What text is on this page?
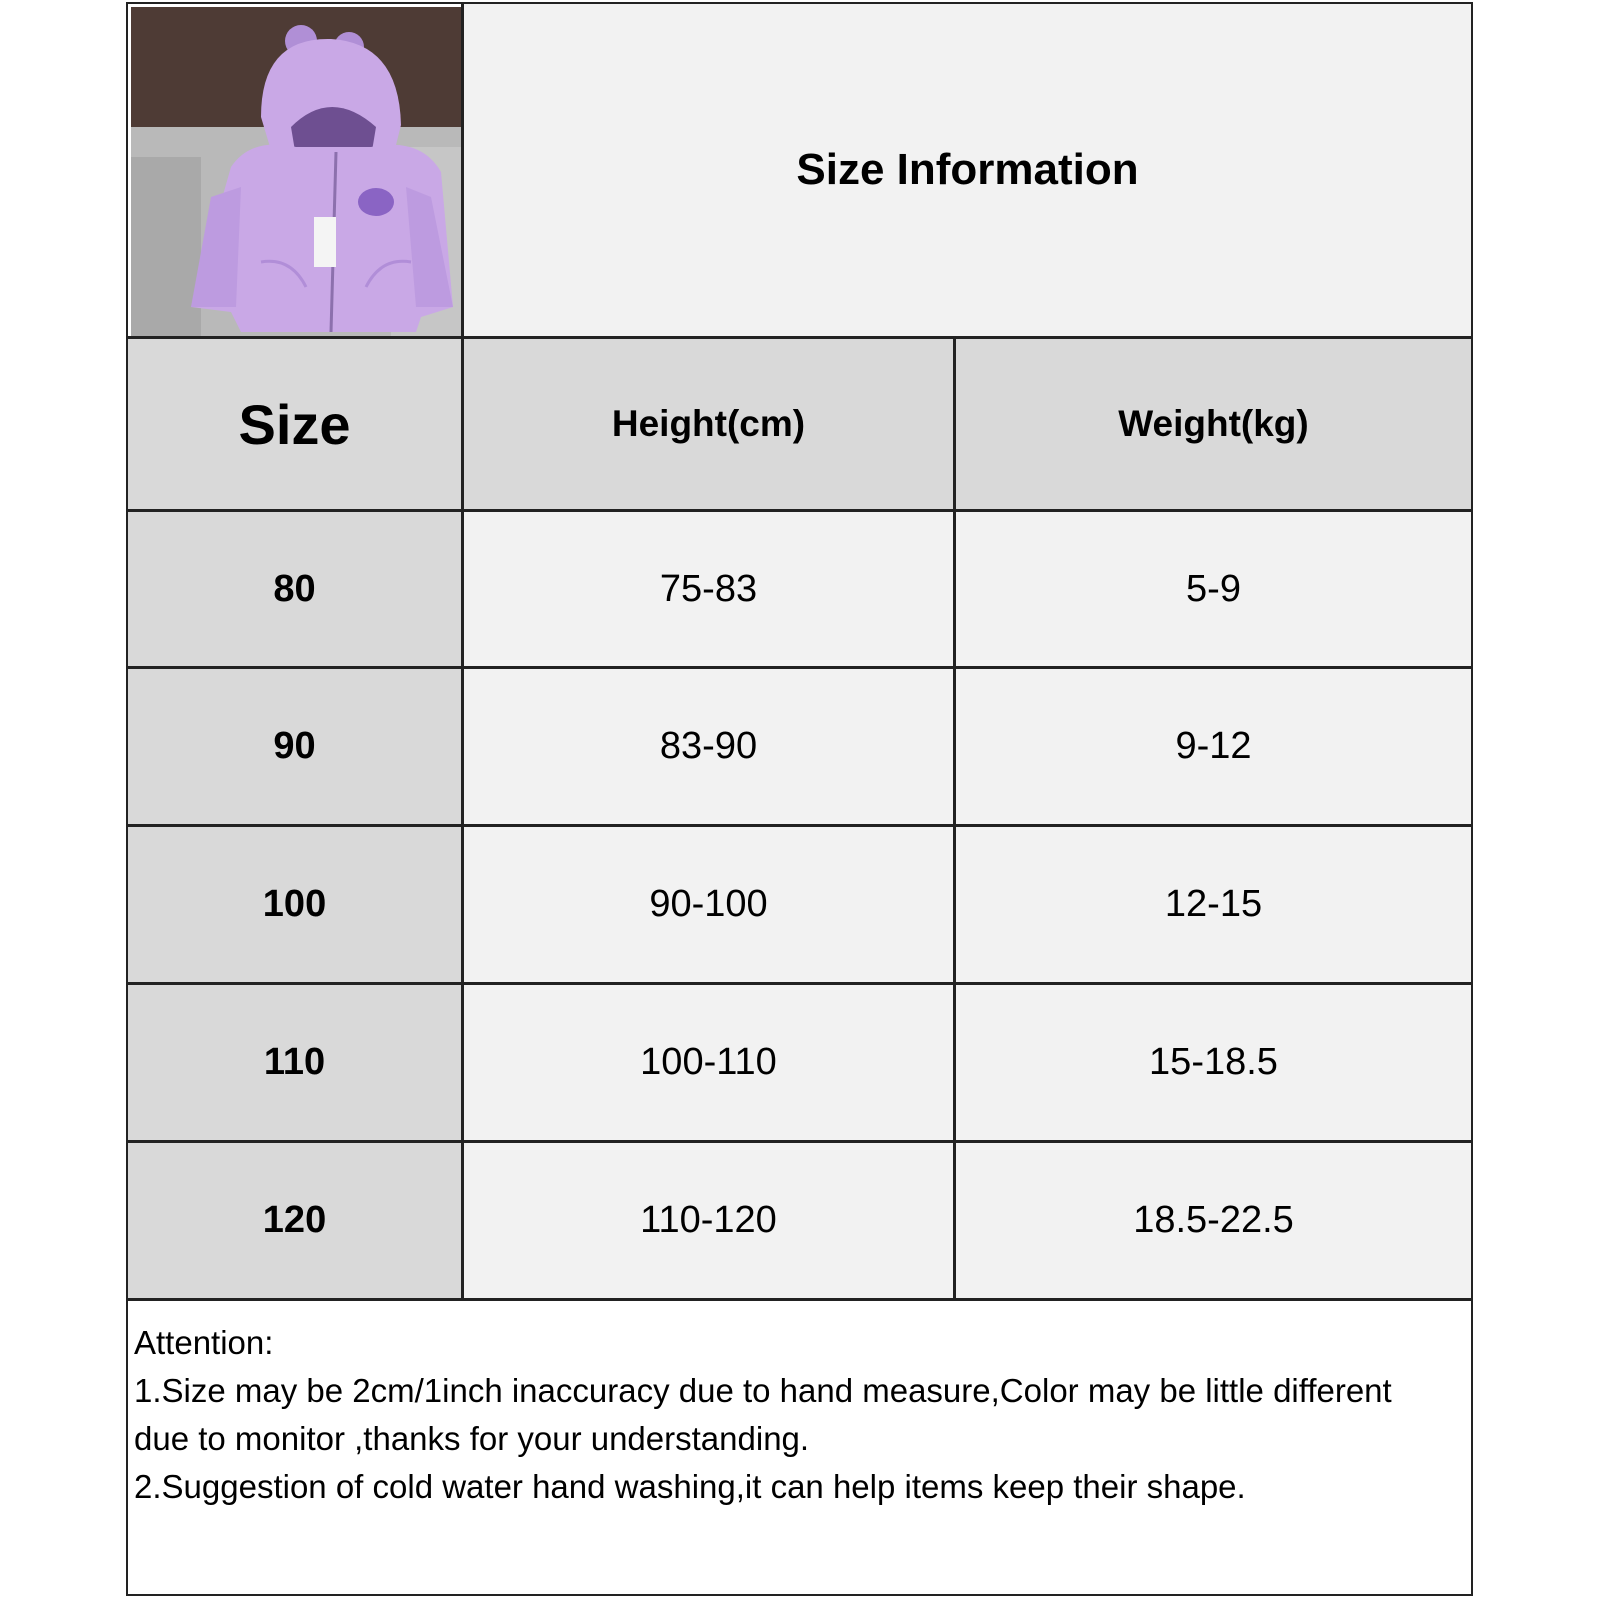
Size Information
Size	Height(cm)	Weight(kg)
80	75-83	5-9
90	83-90	9-12
100	90-100	12-15
110	100-110	15-18.5
120	110-120	18.5-22.5
Attention:
1.Size may be 2cm/1inch inaccuracy due to hand measure,Color may be little different due to monitor ,thanks for your understanding.
2.Suggestion of cold water hand washing,it can help items keep their shape.
